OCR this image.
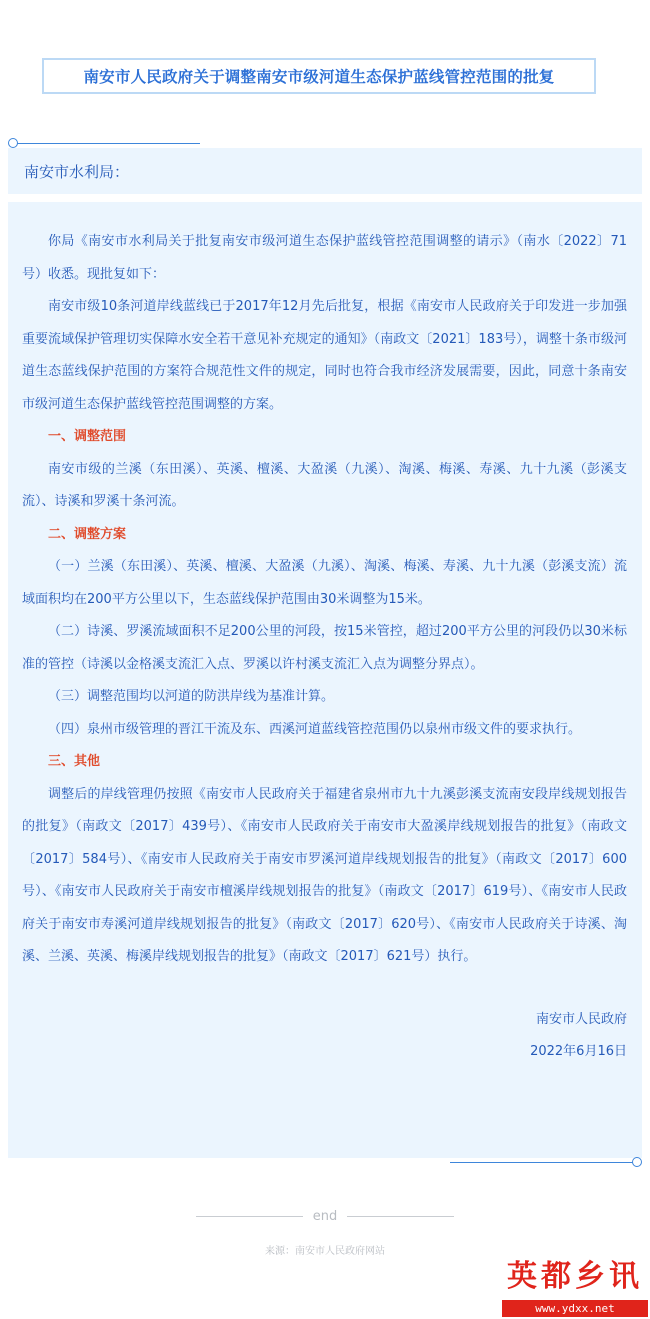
南安市人民政府关于调整南安市级河道生态保护蓝线管控范围的批复
南安市水利局：

你局《南安市水利局关于批复南安市级河道生态保护蓝线管控范围调整的请示》（南水〔2022〕71号）收悉。现批复如下：

南安市级10条河道岸线蓝线已于2017年12月先后批复，根据《南安市人民政府关于印发进一步加强重要流域保护管理切实保障水安全若干意见补充规定的通知》（南政文〔2021〕183号），调整十条市级河道生态蓝线保护范围的方案符合规范性文件的规定，同时也符合我市经济发展需要，因此，同意十条南安市级河道生态保护蓝线管控范围调整的方案。

一、调整范围

南安市级的兰溪（东田溪）、英溪、檀溪、大盈溪（九溪）、淘溪、梅溪、寿溪、九十九溪（彭溪支流）、诗溪和罗溪十条河流。

二、调整方案

（一）兰溪（东田溪）、英溪、檀溪、大盈溪（九溪）、淘溪、梅溪、寿溪、九十九溪（彭溪支流）流域面积均在200平方公里以下，生态蓝线保护范围由30米调整为15米。

（二）诗溪、罗溪流域面积不足200公里的河段，按15米管控，超过200平方公里的河段仍以30米标准的管控（诗溪以金格溪支流汇入点、罗溪以许村溪支流汇入点为调整分界点）。

（三）调整范围均以河道的防洪岸线为基准计算。

（四）泉州市级管理的晋江干流及东、西溪河道蓝线管控范围仍以泉州市级文件的要求执行。

三、其他

调整后的岸线管理仍按照《南安市人民政府关于福建省泉州市九十九溪彭溪支流南安段岸线规划报告的批复》（南政文〔2017〕439号）、《南安市人民政府关于南安市大盈溪岸线规划报告的批复》（南政文〔2017〕584号）、《南安市人民政府关于南安市罗溪河道岸线规划报告的批复》（南政文〔2017〕600号）、《南安市人民政府关于南安市檀溪岸线规划报告的批复》（南政文〔2017〕619号）、《南安市人民政府关于南安市寿溪河道岸线规划报告的批复》（南政文〔2017〕620号）、《南安市人民政府关于诗溪、淘溪、兰溪、英溪、梅溪岸线规划报告的批复》（南政文〔2017〕621号）执行。

南安市人民政府

2022年6月16日

end
来源：南安市人民政府网站
英都乡讯
www.ydxx.net
